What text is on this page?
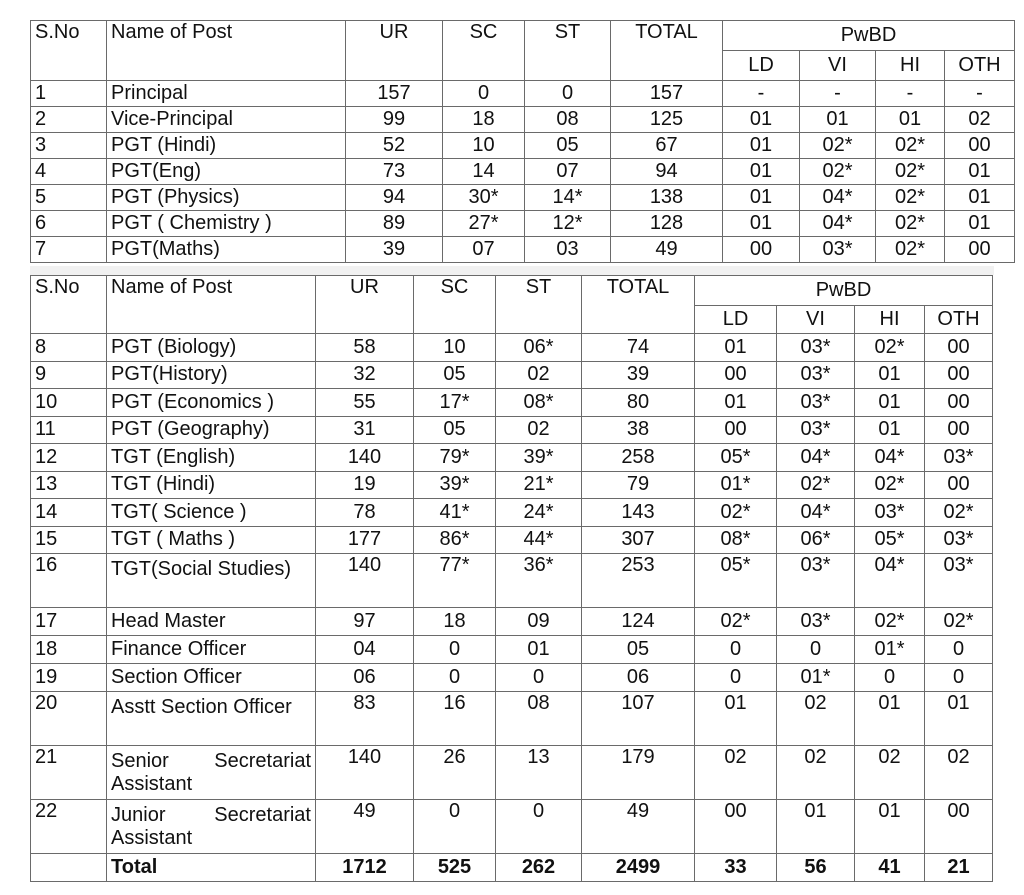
S.No	Name of Post	UR	SC	ST	TOTAL	PwBD			
						LD	VI	HI	OTH
1	Principal	157	0	0	157	-	-	-	-
2	Vice-Principal	99	18	08	125	01	01	01	02
3	PGT (Hindi)	52	10	05	67	01	02*	02*	00
4	PGT(Eng)	73	14	07	94	01	02*	02*	01
5	PGT (Physics)	94	30*	14*	138	01	04*	02*	01
6	PGT ( Chemistry )	89	27*	12*	128	01	04*	02*	01
7	PGT(Maths)	39	07	03	49	00	03*	02*	00
S.No	Name of Post	UR	SC	ST	TOTAL	PwBD			
						LD	VI	HI	OTH
8	PGT (Biology)	58	10	06*	74	01	03*	02*	00
9	PGT(History)	32	05	02	39	00	03*	01	00
10	PGT (Economics )	55	17*	08*	80	01	03*	01	00
11	PGT (Geography)	31	05	02	38	00	03*	01	00
12	TGT (English)	140	79*	39*	258	05*	04*	04*	03*
13	TGT (Hindi)	19	39*	21*	79	01*	02*	02*	00
14	TGT( Science )	78	41*	24*	143	02*	04*	03*	02*
15	TGT ( Maths )	177	86*	44*	307	08*	06*	05*	03*
16	TGT(Social Studies)	140	77*	36*	253	05*	03*	04*	03*
17	Head Master	97	18	09	124	02*	03*	02*	02*
18	Finance Officer	04	0	01	05	0	0	01*	0
19	Section Officer	06	0	0	06	0	01*	0	0
20	Asstt Section Officer	83	16	08	107	01	02	01	01
21	Senior Secretariat Assistant	140	26	13	179	02	02	02	02
22	Junior Secretariat Assistant	49	0	0	49	00	01	01	00
	Total	1712	525	262	2499	33	56	41	21
